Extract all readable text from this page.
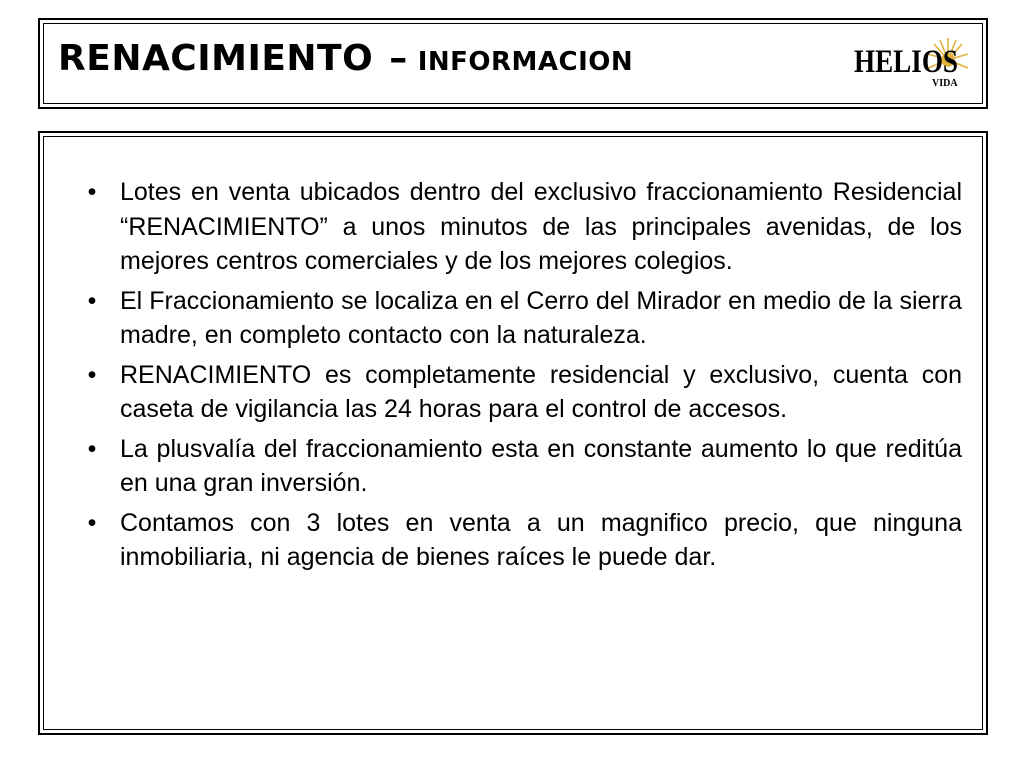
RENACIMIENTO – INFORMACION	HELIOS
VIDA
• Lotes en venta ubicados dentro del exclusivo fraccionamiento Residencial “RENACIMIENTO” a unos minutos de las principales avenidas, de los mejores centros comerciales y de los mejores colegios.
• El Fraccionamiento se localiza en el Cerro del Mirador en medio de la sierra madre, en completo contacto con la naturaleza.
• RENACIMIENTO es completamente residencial y exclusivo, cuenta con caseta de vigilancia las 24 horas para el control de accesos.
• La plusvalía del fraccionamiento esta en constante aumento lo que reditúa en una gran inversión.
• Contamos con 3 lotes en venta a un magnifico precio, que ninguna inmobiliaria, ni agencia de bienes raíces le puede dar.
